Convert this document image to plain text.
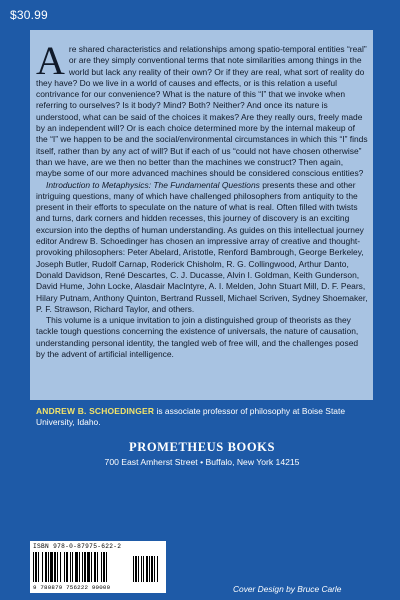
$30.99

Are shared characteristics and relationships among spatio-temporal entities “real” or are they simply conventional terms that note similarities among things in the world but lack any reality of their own? Or if they are real, what sort of reality do they have? Do we live in a world of causes and effects, or is this relation a useful contrivance for our convenience? What is the nature of this “I” that we invoke when referring to ourselves? Is it body? Mind? Both? Neither? And once its nature is understood, what can be said of the choices it makes? Are they really ours, freely made by an independent will? Or is each choice determined more by the internal makeup of the “I” we happen to be and the social/environmental circumstances in which this “I” finds itself, rather than by any act of will? But if each of us “could not have chosen otherwise” than we have, are we then no better than the machines we construct? Then again, maybe some of our more advanced machines should be considered conscious entities?

Introduction to Metaphysics: The Fundamental Questions presents these and other intriguing questions, many of which have challenged philosophers from antiquity to the present in their efforts to speculate on the nature of what is real. Often filled with twists and turns, dark corners and hidden recesses, this journey of discovery is an exciting excursion into the depths of human understanding. As guides on this intellectual journey editor Andrew B. Schoedinger has chosen an impressive array of creative and thought-provoking philosophers: Peter Abelard, Aristotle, Renford Bambrough, George Berkeley, Joseph Butler, Rudolf Carnap, Roderick Chisholm, R. G. Collingwood, Arthur Danto, Donald Davidson, René Descartes, C. J. Ducasse, Alvin I. Goldman, Keith Gunderson, David Hume, John Locke, Alasdair MacIntyre, A. I. Melden, John Stuart Mill, D. F. Pears, Hilary Putnam, Anthony Quinton, Bertrand Russell, Michael Scriven, Sydney Shoemaker, P. F. Strawson, Richard Taylor, and others.

This volume is a unique invitation to join a distinguished group of theorists as they tackle tough questions concerning the existence of universals, the nature of causation, understanding personal identity, the tangled web of free will, and the challenges posed by the advent of artificial intelligence.

ANDREW B. SCHOEDINGER is associate professor of philosophy at Boise State University, Idaho.
PROMETHEUS BOOKS
700 East Amherst Street • Buffalo, New York 14215
ISBN 978-0-87975-622-2
9 780879 756222 90000	Cover Design by Bruce Carle
